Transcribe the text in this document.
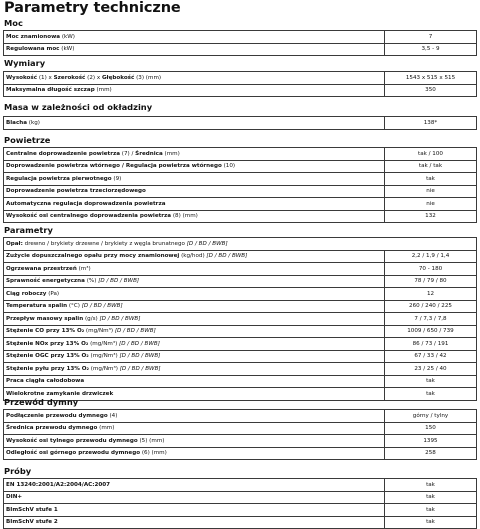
Parametry techniczne
Moc
Moc znamionowa (kW)	7
Regulowana moc (kW)	3,5 - 9
Wymiary
Wysokość (1) x Szerokość (2) x Głębokość (3) (mm)	1543 x 515 x 515
Maksymalna długość szczap (mm)	350
Masa w zależności od okładziny
Blacha (kg)	138*
Powietrze
Centralne doprowadzenie powietrza (7) / Średnica (mm)	tak / 100
Doprowadzenie powietrza wtórnego / Regulacja powietrza wtórnego (10)	tak / tak
Regulacja powietrza pierwotnego (9)	tak
Doprowadzenie powietrza trzeciorzędowego	nie
Automatyczna regulacja doprowadzenia powietrza	nie
Wysokość osi centralnego doprowadzenia powietrza (8) (mm)	132
Parametry
Opał: drewno / brykiety drzewne / brykiety z węgla brunatnego [D / BD / BWB]	
Zużycie dopuszczalnego opału przy mocy znamionowej (kg/hod) [D / BD / BWB]	2,2 / 1,9 / 1,4
Ogrzewana przestrzeń (m³)	70 - 180
Sprawność energetyczna (%) [D / BD / BWB]	78 / 79 / 80
Ciąg roboczy (Pa)	12
Temperatura spalin (°C) [D / BD / BWB]	260 / 240 / 225
Przepływ masowy spalin (g/s) [D / BD / BWB]	7 / 7,3 / 7,8
Stężenie CO przy 13% O₂ (mg/Nm³) [D / BD / BWB]	1009 / 650 / 739
Stężenie NOx przy 13% O₂ (mg/Nm³) [D / BD / BWB]	86 / 73 / 191
Stężenie OGC przy 13% O₂ (mg/Nm³) [D / BD / BWB]	67 / 33 / 42
Stężenie pyłu przy 13% O₂ (mg/Nm³) [D / BD / BWB]	23 / 25 / 40
Praca ciągła całodobowa	tak
Wielokrotne zamykanie drzwiczek	tak
Przewód dymny
Podłączenie przewodu dymnego (4)	górny / tylny
Średnica przewodu dymnego (mm)	150
Wysokość osi tylnego przewodu dymnego (5) (mm)	1395
Odległość osi górnego przewodu dymnego (6) (mm)	258
Próby
EN 13240:2001/A2:2004/AC:2007	tak
DIN+	tak
BImSchV stufe 1	tak
BImSchV stufe 2	tak
